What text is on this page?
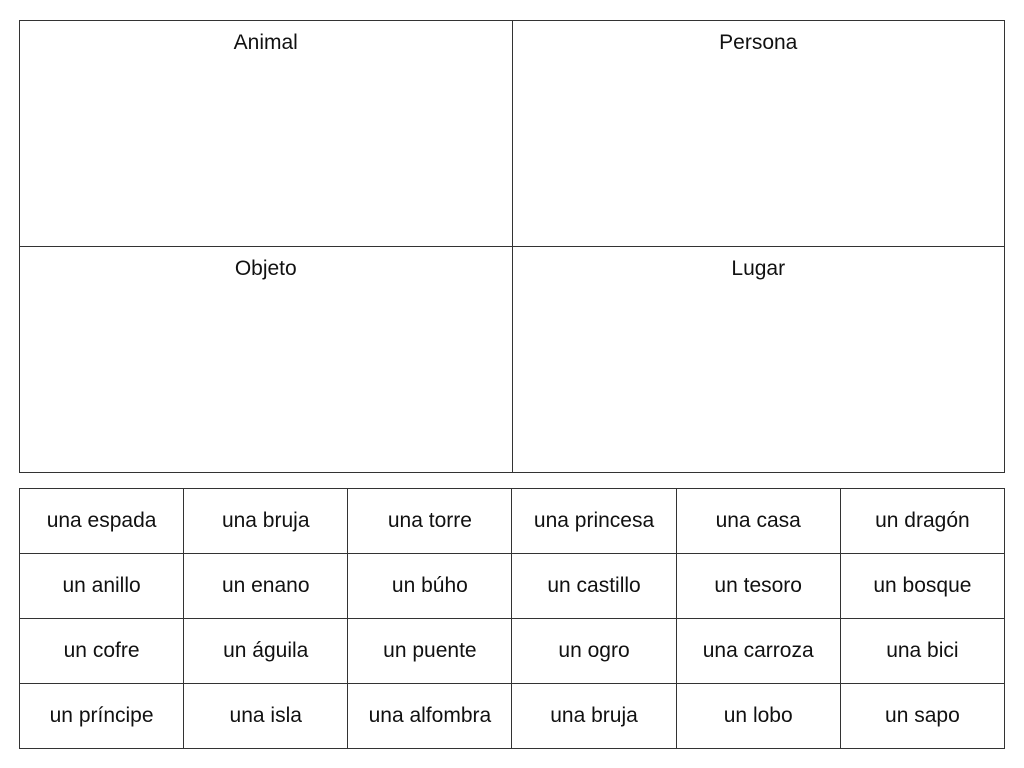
Animal	Persona
Objeto	Lugar
una espada	una bruja	una torre	una princesa	una casa	un dragón
un anillo	un enano	un búho	un castillo	un tesoro	un bosque
un cofre	un águila	un puente	un ogro	una carroza	una bici
un príncipe	una isla	una alfombra	una bruja	un lobo	un sapo
